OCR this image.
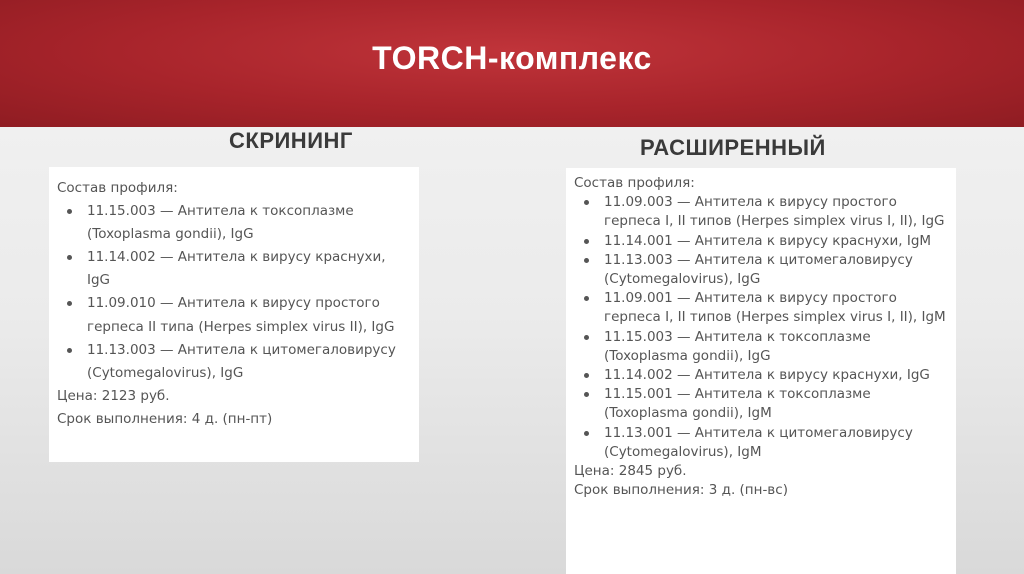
TORCH-комплекс
СКРИНИНГ	РАСШИРЕННЫЙ

Состав профиля:

11.15.003 — Антитела к токсоплазме (Toxoplasma gondii), IgG
11.14.002 — Антитела к вирусу краснухи, IgG
11.09.010 — Антитела к вирусу простого герпеса II типа (Herpes simplex virus II), IgG
11.13.003 — Антитела к цитомегаловирусу (Cytomegalovirus), IgG

Цена: 2123 руб.

Срок выполнения: 4 д. (пн-пт)

Состав профиля:

11.09.003 — Антитела к вирусу простого герпеса I, II типов (Herpes simplex virus I, II), IgG
11.14.001 — Антитела к вирусу краснухи, IgM
11.13.003 — Антитела к цитомегаловирусу (Cytomegalovirus), IgG
11.09.001 — Антитела к вирусу простого герпеса I, II типов (Herpes simplex virus I, II), IgM
11.15.003 — Антитела к токсоплазме (Toxoplasma gondii), IgG
11.14.002 — Антитела к вирусу краснухи, IgG
11.15.001 — Антитела к токсоплазме (Toxoplasma gondii), IgM
11.13.001 — Антитела к цитомегаловирусу (Cytomegalovirus), IgM

Цена: 2845 руб.

Срок выполнения: 3 д. (пн-вс)
